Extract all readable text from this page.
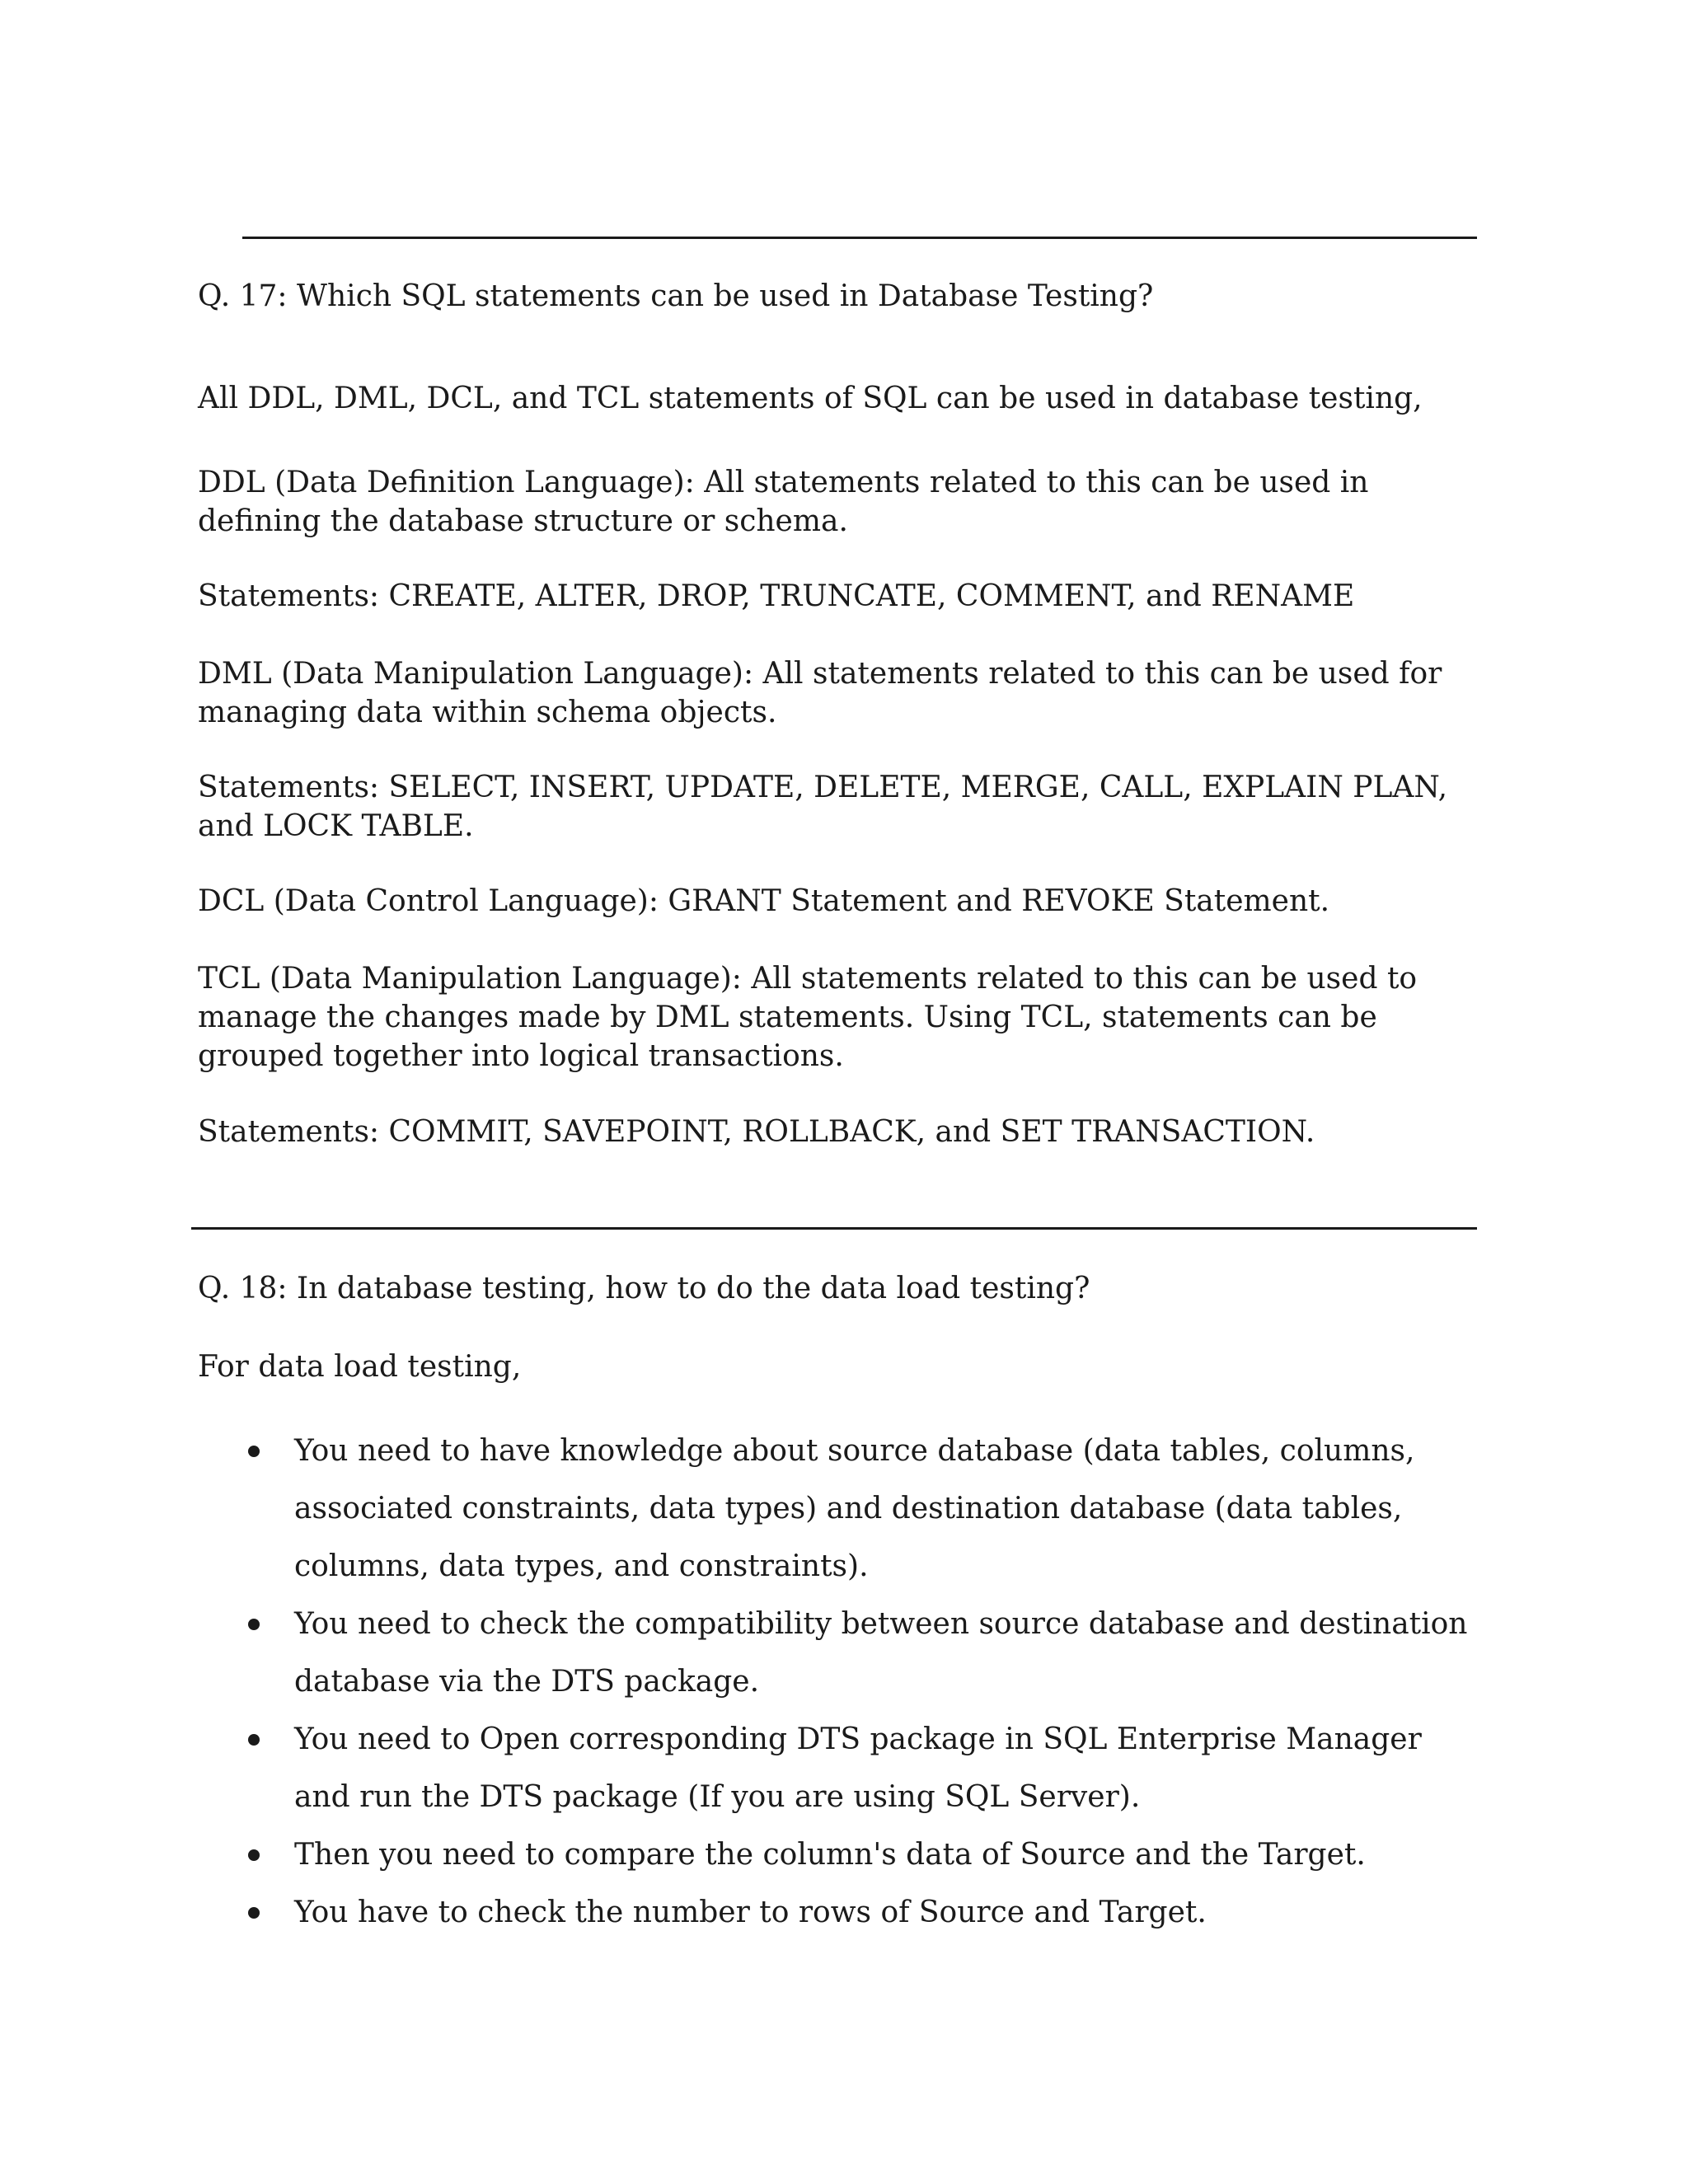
Q. 17: Which SQL statements can be used in Database Testing?

All DDL, DML, DCL, and TCL statements of SQL can be used in database testing,

DDL (Data Definition Language): All statements related to this can be used in defining the database structure or schema.

Statements: CREATE, ALTER, DROP, TRUNCATE, COMMENT, and RENAME

DML (Data Manipulation Language): All statements related to this can be used for managing data within schema objects.

Statements: SELECT, INSERT, UPDATE, DELETE, MERGE, CALL, EXPLAIN PLAN, and LOCK TABLE.

DCL (Data Control Language): GRANT Statement and REVOKE Statement.

TCL (Data Manipulation Language): All statements related to this can be used to manage the changes made by DML statements. Using TCL, statements can be grouped together into logical transactions.

Statements: COMMIT, SAVEPOINT, ROLLBACK, and SET TRANSACTION.

Q. 18: In database testing, how to do the data load testing?

For data load testing,

You need to have knowledge about source database (data tables, columns, associated constraints, data types) and destination database (data tables, columns, data types, and constraints).
You need to check the compatibility between source database and destination database via the DTS package.
You need to Open corresponding DTS package in SQL Enterprise Manager and run the DTS package (If you are using SQL Server).
Then you need to compare the column's data of Source and the Target.
You have to check the number to rows of Source and Target.
